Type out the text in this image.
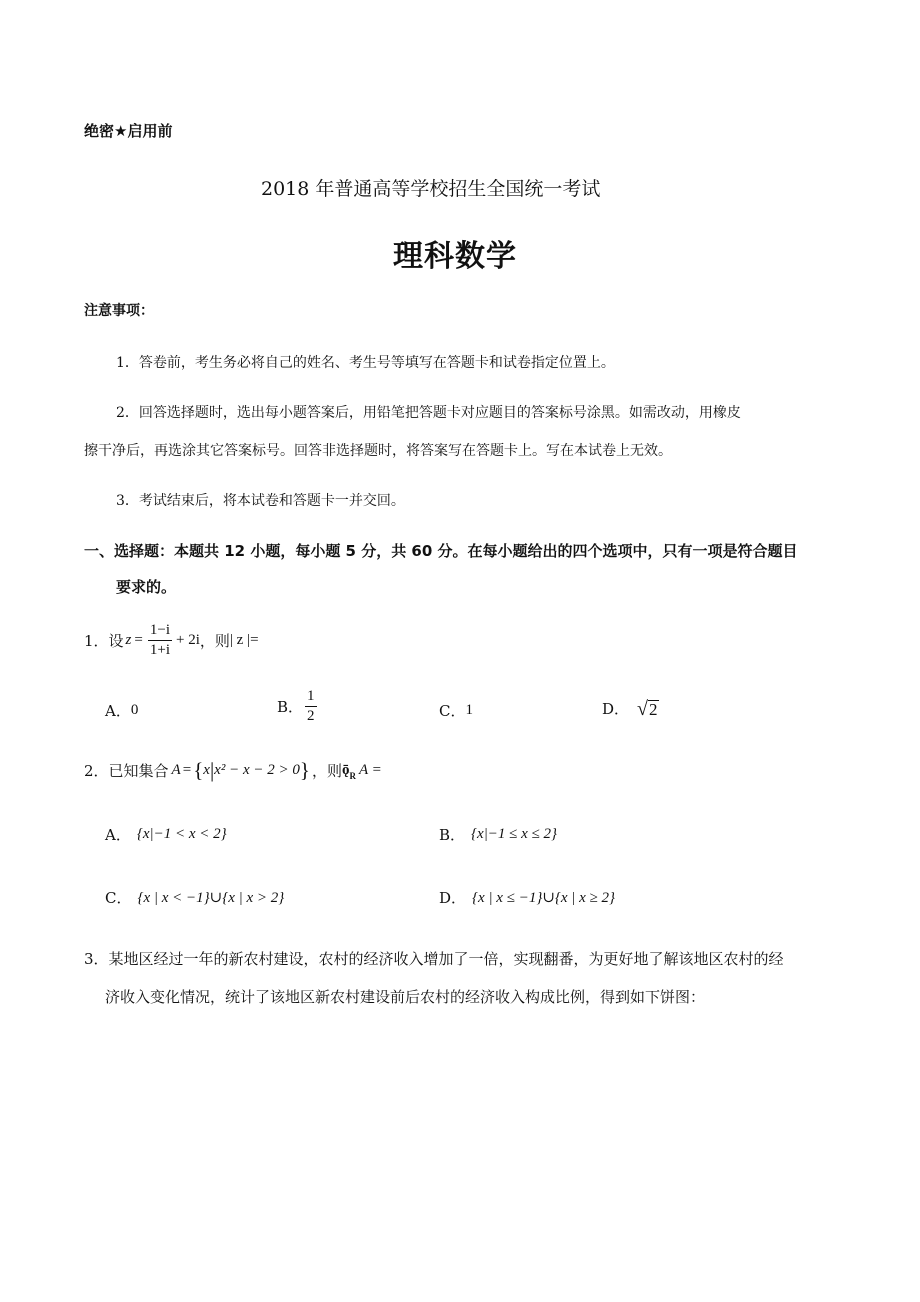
绝密★启用前
2018 年普通高等学校招生全国统一考试
理科数学
注意事项：
1．答卷前，考生务必将自己的姓名、考生号等填写在答题卡和试卷指定位置上。
2．回答选择题时，选出每小题答案后，用铅笔把答题卡对应题目的答案标号涂黑。如需改动，用橡皮
擦干净后，再选涂其它答案标号。回答非选择题时，将答案写在答题卡上。写在本试卷上无效。
3．考试结束后，将本试卷和答题卡一并交回。
一、选择题：本题共 12 小题，每小题 5 分，共 60 分。在每小题给出的四个选项中，只有一项是符合题目
要求的。
1．设 $z = \frac{1-i}{1+i} + 2i$ ，则 | z |=
A． 0	B． $\frac{1}{2}$	C． 1	D． √ 2
2．已知集合 A = { x | x² − x − 2 > 0 } ，则 ǭ R A =
A． {x|−1 < x < 2}	B． {x|−1 ≤ x ≤ 2}
C． {x | x < −1}∪{x | x > 2}	D． {x | x ≤ −1}∪{x | x ≥ 2}
3．某地区经过一年的新农村建设，农村的经济收入增加了一倍，实现翻番，为更好地了解该地区农村的经
济收入变化情况，统计了该地区新农村建设前后农村的经济收入构成比例，得到如下饼图：
